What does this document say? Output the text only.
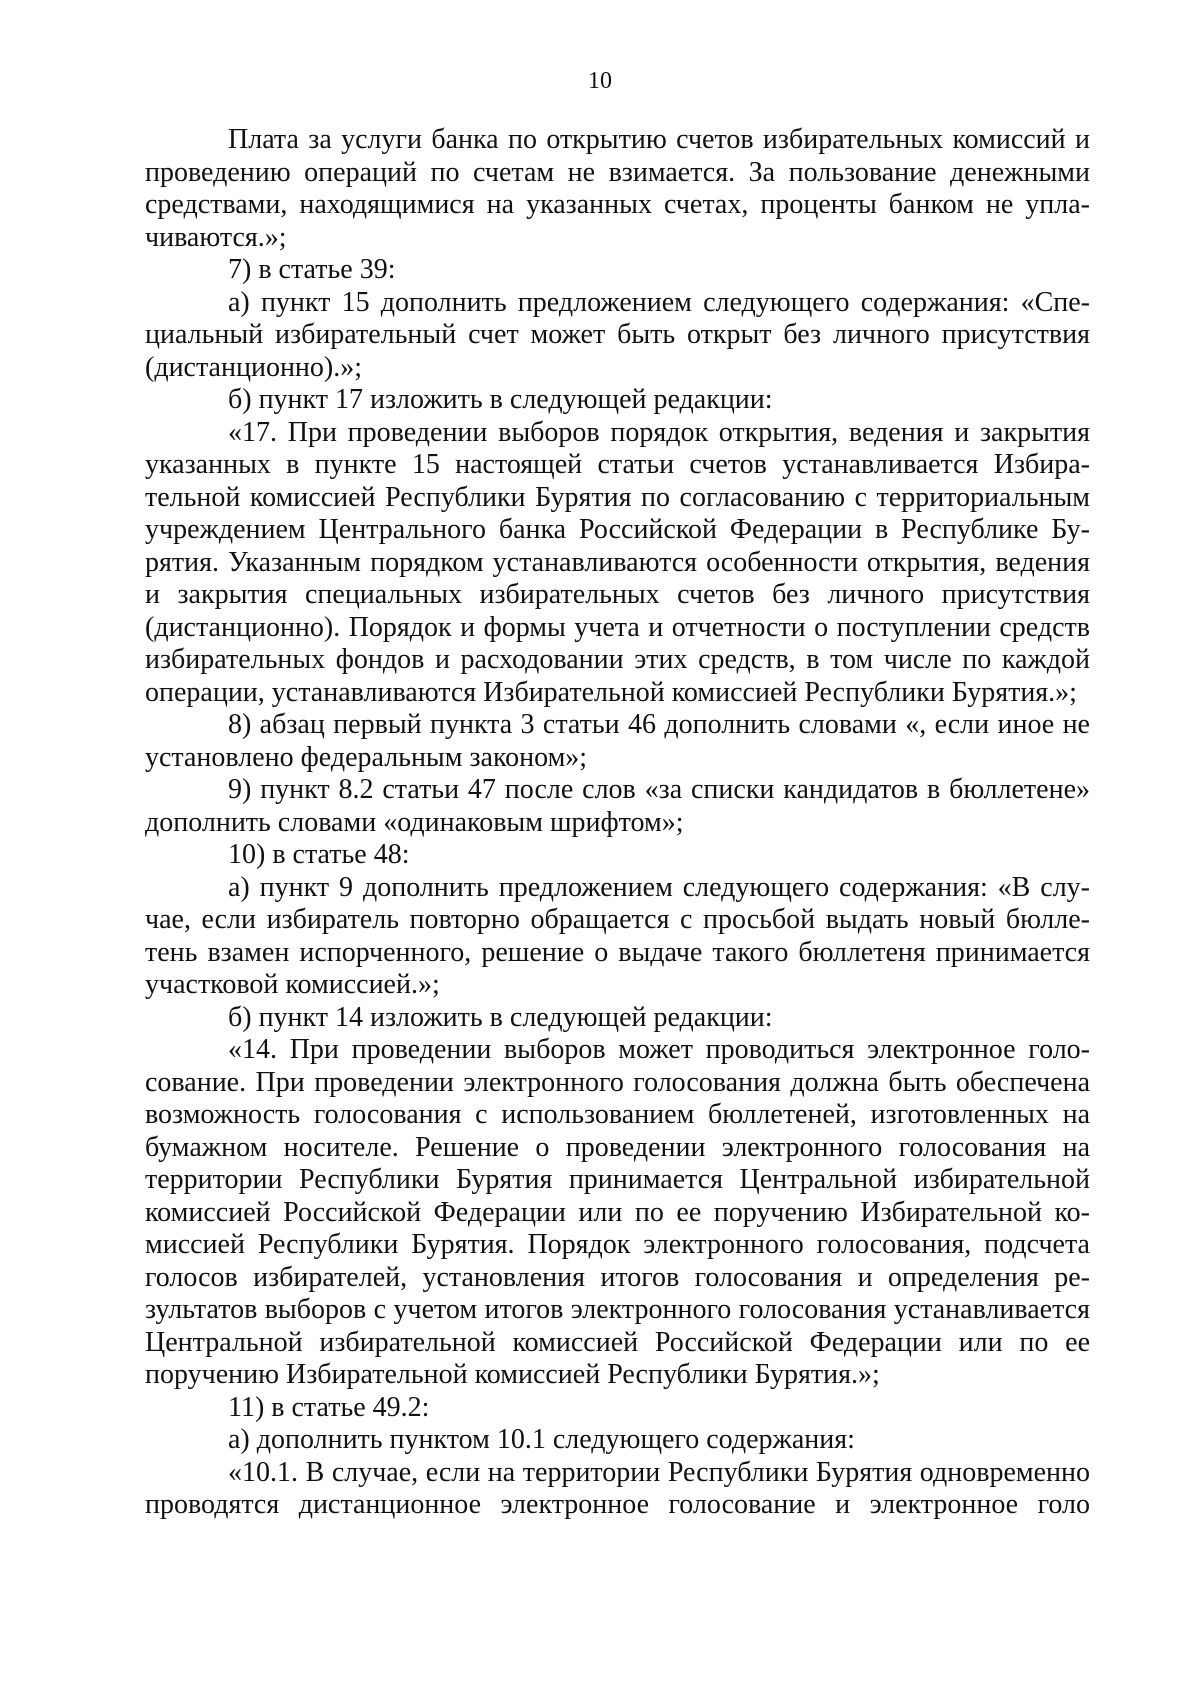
10

Плата за услуги банка по открытию счетов избирательных комиссий и проведению операций по счетам не взимается. За пользование денежными средствами, находящимися на указанных счетах, проценты банком не уплачиваются.»;

7) в статье 39:

а) пункт 15 дополнить предложением следующего содержания: «Специальный избирательный счет может быть открыт без личного присутствия (дистанционно).»;

б) пункт 17 изложить в следующей редакции:

«17. При проведении выборов порядок открытия, ведения и закрытия указанных в пункте 15 настоящей статьи счетов устанавливается Избирательной комиссией Республики Бурятия по согласованию с территориальным учреждением Центрального банка Российской Федерации в Республике Бурятия. Указанным порядком устанавливаются особенности открытия, ведения и закрытия специальных избирательных счетов без личного присутствия (дистанционно). Порядок и формы учета и отчетности о поступлении средств избирательных фондов и расходовании этих средств, в том числе по каждой операции, устанавливаются Избирательной комиссией Республики Бурятия.»;

8) абзац первый пункта 3 статьи 46 дополнить словами «, если иное не установлено федеральным законом»;

9) пункт 8.2 статьи 47 после слов «за списки кандидатов в бюллетене» дополнить словами «одинаковым шрифтом»;

10) в статье 48:

а) пункт 9 дополнить предложением следующего содержания: «В случае, если избиратель повторно обращается с просьбой выдать новый бюллетень взамен испорченного, решение о выдаче такого бюллетеня принимается участковой комиссией.»;

б) пункт 14 изложить в следующей редакции:

«14. При проведении выборов может проводиться электронное голосование. При проведении электронного голосования должна быть обеспечена возможность голосования с использованием бюллетеней, изготовленных на бумажном носителе. Решение о проведении электронного голосования на территории Республики Бурятия принимается Центральной избирательной комиссией Российской Федерации или по ее поручению Избирательной комиссией Республики Бурятия. Порядок электронного голосования, подсчета голосов избирателей, установления итогов голосования и определения результатов выборов с учетом итогов электронного голосования устанавливается Центральной избирательной комиссией Российской Федерации или по ее поручению Избирательной комиссией Республики Бурятия.»;

11) в статье 49.2:

а) дополнить пунктом 10.1 следующего содержания:

«10.1. В случае, если на территории Республики Бурятия одновременно проводятся дистанционное электронное голосование и электронное голо
